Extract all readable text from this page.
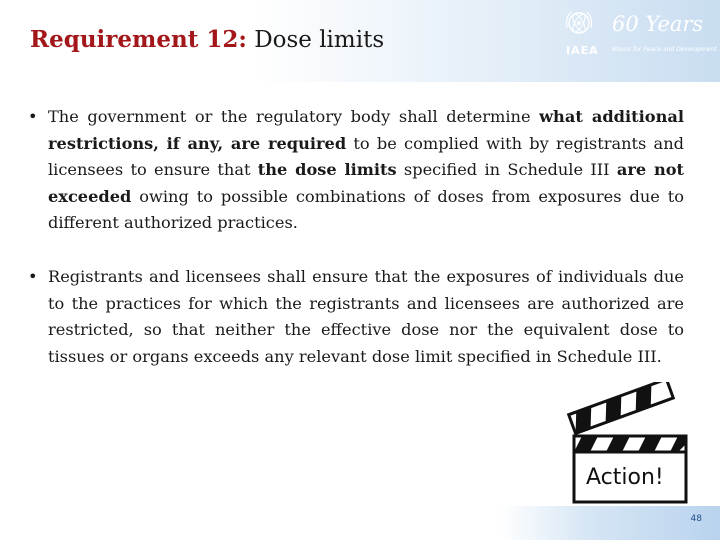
Requirement 12: Dose limits	IAEA
60 Years
Atoms for Peace and Development
• The government or the regulatory body shall determine what additional restrictions, if any, are required to be complied with by registrants and licensees to ensure that the dose limits specified in Schedule III are not exceeded owing to possible combinations of doses from exposures due to different authorized practices.
• Registrants and licensees shall ensure that the exposures of individuals due to the practices for which the registrants and licensees are authorized are restricted, so that neither the effective dose nor the equivalent dose to tissues or organs exceeds any relevant dose limit specified in Schedule III.
Action!
48
